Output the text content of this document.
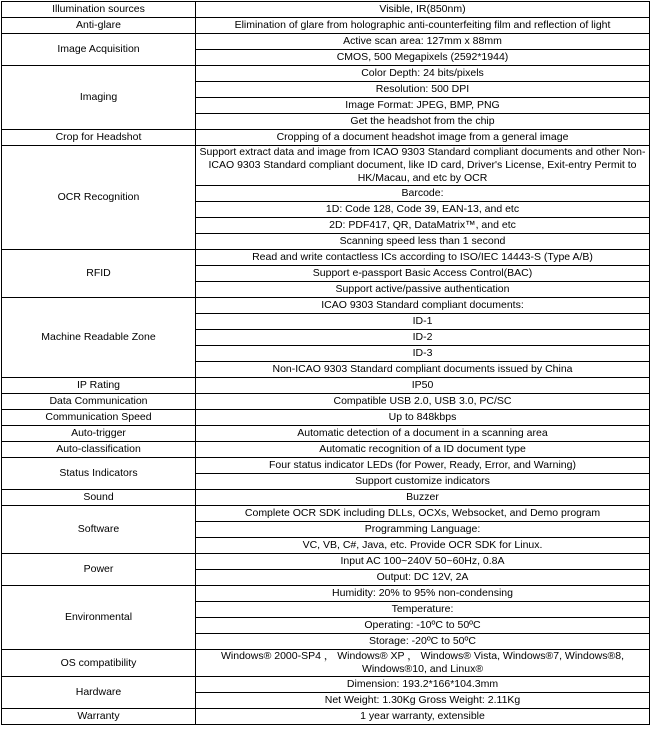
Illumination sources	Visible, IR(850nm)
Anti-glare	Elimination of glare from holographic anti-counterfeiting film and reflection of light
Image Acquisition	Active scan area: 127mm x 88mm
	CMOS, 500 Megapixels (2592*1944)
Imaging	Color Depth: 24 bits/pixels
	Resolution: 500 DPI
	Image Format: JPEG, BMP, PNG
	Get the headshot from the chip
Crop for Headshot	Cropping of a document headshot image from a general image
OCR Recognition	Support extract data and image from ICAO 9303 Standard compliant documents and other Non-ICAO 9303 Standard compliant document, like ID card, Driver's License, Exit-entry Permit to HK/Macau, and etc by OCR
	Barcode:
	1D: Code 128, Code 39, EAN-13, and etc
	2D: PDF417, QR, DataMatrix™, and etc
	Scanning speed less than 1 second
RFID	Read and write contactless ICs according to ISO/IEC 14443-S (Type A/B)
	Support e-passport Basic Access Control(BAC)
	Support active/passive authentication
Machine Readable Zone	ICAO 9303 Standard compliant documents:
	ID-1
	ID-2
	ID-3
	Non-ICAO 9303 Standard compliant documents issued by China
IP Rating	IP50
Data Communication	Compatible USB 2.0, USB 3.0, PC/SC
Communication Speed	Up to 848kbps
Auto-trigger	Automatic detection of a document in a scanning area
Auto-classification	Automatic recognition of a ID document type
Status Indicators	Four status indicator LEDs (for Power, Ready, Error, and Warning)
	Support customize indicators
Sound	Buzzer
Software	Complete OCR SDK including DLLs, OCXs, Websocket, and Demo program
	Programming Language:
	VC, VB, C#, Java, etc. Provide OCR SDK for Linux.
Power	Input AC 100~240V 50~60Hz, 0.8A
	Output: DC 12V, 2A
Environmental	Humidity: 20% to 95% non-condensing
	Temperature:
	Operating: -10ºC to 50ºC
	Storage: -20ºC to 50ºC
OS compatibility	Windows® 2000-SP4 ， Windows® XP ， Windows® Vista, Windows®7, Windows®8, Windows®10, and Linux®
Hardware	Dimension: 193.2*166*104.3mm
	Net Weight: 1.30Kg Gross Weight: 2.11Kg
Warranty	1 year warranty, extensible
